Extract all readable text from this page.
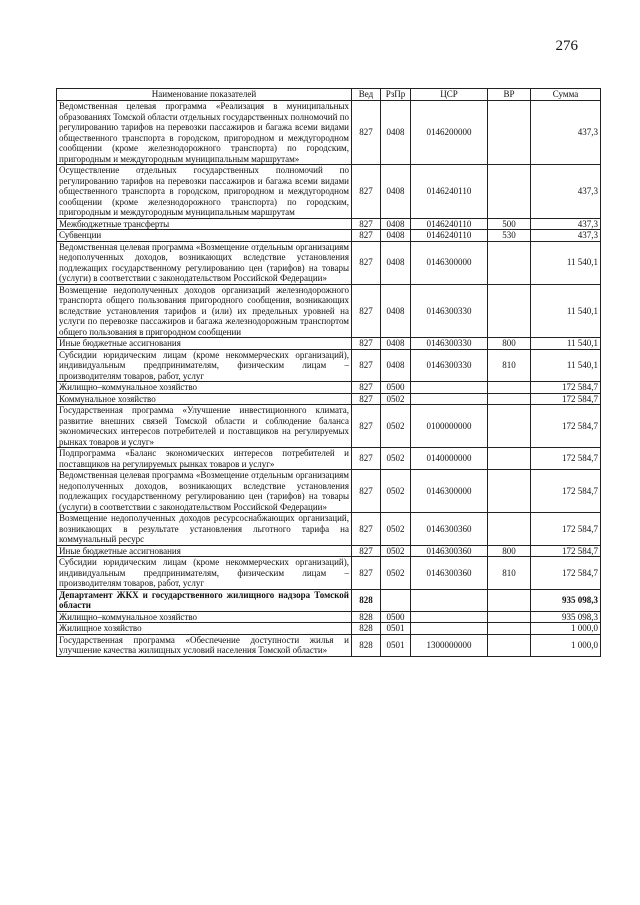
276
Наименование показателей	Вед	РзПр	ЦСР	ВР	Сумма
Ведомственная целевая программа «Реализация в муниципальных образованиях Томской области отдельных государственных полномочий по регулированию тарифов на перевозки пассажиров и багажа всеми видами общественного транспорта в городском, пригородном и междугородном сообщении (кроме железнодорожного транспорта) по городским, пригородным и междугородным муниципальным маршрутам»	827	0408	0146200000		437,3
Осуществление отдельных государственных полномочий по регулированию тарифов на перевозки пассажиров и багажа всеми видами общественного транспорта в городском, пригородном и междугородном сообщении (кроме железнодорожного транспорта) по городским, пригородным и междугородным муниципальным маршрутам	827	0408	0146240110		437,3
Межбюджетные трансферты	827	0408	0146240110	500	437,3
Субвенции	827	0408	0146240110	530	437,3
Ведомственная целевая программа «Возмещение отдельным организациям недополученных доходов, возникающих вследствие установления подлежащих государственному регулированию цен (тарифов) на товары (услуги) в соответствии с законодательством Российской Федерации»	827	0408	0146300000		11 540,1
Возмещение недополученных доходов организаций железнодорожного транспорта общего пользования пригородного сообщения, возникающих вследствие установления тарифов и (или) их предельных уровней на услуги по перевозке пассажиров и багажа железнодорожным транспортом общего пользования в пригородном сообщении	827	0408	0146300330		11 540,1
Иные бюджетные ассигнования	827	0408	0146300330	800	11 540,1
Субсидии юридическим лицам (кроме некоммерческих организаций), индивидуальным предпринимателям, физическим лицам – производителям товаров, работ, услуг	827	0408	0146300330	810	11 540,1
Жилищно–коммунальное хозяйство	827	0500			172 584,7
Коммунальное хозяйство	827	0502			172 584,7
Государственная программа «Улучшение инвестиционного климата, развитие внешних связей Томской области и соблюдение баланса экономических интересов потребителей и поставщиков на регулируемых рынках товаров и услуг»	827	0502	0100000000		172 584,7
Подпрограмма «Баланс экономических интересов потребителей и поставщиков на регулируемых рынках товаров и услуг»	827	0502	0140000000		172 584,7
Ведомственная целевая программа «Возмещение отдельным организациям недополученных доходов, возникающих вследствие установления подлежащих государственному регулированию цен (тарифов) на товары (услуги) в соответствии с законодательством Российской Федерации»	827	0502	0146300000		172 584,7
Возмещение недополученных доходов ресурсоснабжающих организаций, возникающих в результате установления льготного тарифа на коммунальный ресурс	827	0502	0146300360		172 584,7
Иные бюджетные ассигнования	827	0502	0146300360	800	172 584,7
Субсидии юридическим лицам (кроме некоммерческих организаций), индивидуальным предпринимателям, физическим лицам – производителям товаров, работ, услуг	827	0502	0146300360	810	172 584,7
Департамент ЖКХ и государственного жилищного надзора Томской области	828				935 098,3
Жилищно–коммунальное хозяйство	828	0500			935 098,3
Жилищное хозяйство	828	0501			1 000,0
Государственная программа «Обеспечение доступности жилья и улучшение качества жилищных условий населения Томской области»	828	0501	1300000000		1 000,0
